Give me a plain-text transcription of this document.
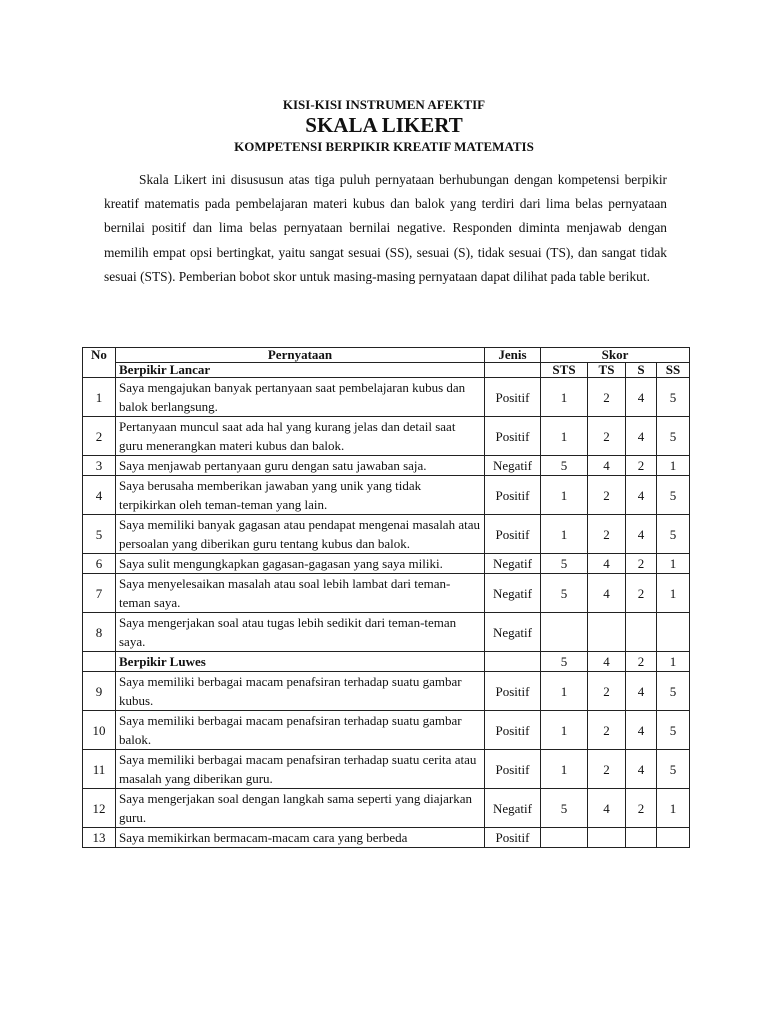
KISI-KISI INSTRUMEN AFEKTIF
SKALA LIKERT
KOMPETENSI BERPIKIR KREATIF MATEMATIS

Skala Likert ini disususun atas tiga puluh pernyataan berhubungan dengan kompetensi berpikir kreatif matematis pada pembelajaran materi kubus dan balok yang terdiri dari lima belas pernyataan bernilai positif dan lima belas pernyataan bernilai negative. Responden diminta menjawab dengan memilih empat opsi bertingkat, yaitu sangat sesuai (SS), sesuai (S), tidak sesuai (TS), dan sangat tidak sesuai (STS). Pemberian bobot skor untuk masing-masing pernyataan dapat dilihat pada table berikut.

No	Pernyataan	Jenis	Skor			
	Berpikir Lancar		STS	TS	S	SS
1	Saya mengajukan banyak pertanyaan saat pembelajaran kubus dan balok berlangsung.	Positif	1	2	4	5
2	Pertanyaan muncul saat ada hal yang kurang jelas dan detail saat guru menerangkan materi kubus dan balok.	Positif	1	2	4	5
3	Saya menjawab pertanyaan guru dengan satu jawaban saja.	Negatif	5	4	2	1
4	Saya berusaha memberikan jawaban yang unik yang tidak terpikirkan oleh teman-teman yang lain.	Positif	1	2	4	5
5	Saya memiliki banyak gagasan atau pendapat mengenai masalah atau persoalan yang diberikan guru tentang kubus dan balok.	Positif	1	2	4	5
6	Saya sulit mengungkapkan gagasan-gagasan yang saya miliki.	Negatif	5	4	2	1
7	Saya menyelesaikan masalah atau soal lebih lambat dari teman-teman saya.	Negatif	5	4	2	1
8	Saya mengerjakan soal atau tugas lebih sedikit dari teman-teman saya.	Negatif				
	Berpikir Luwes		5	4	2	1
9	Saya memiliki berbagai macam penafsiran terhadap suatu gambar kubus.	Positif	1	2	4	5
10	Saya memiliki berbagai macam penafsiran terhadap suatu gambar balok.	Positif	1	2	4	5
11	Saya memiliki berbagai macam penafsiran terhadap suatu cerita atau masalah yang diberikan guru.	Positif	1	2	4	5
12	Saya mengerjakan soal dengan langkah sama seperti yang diajarkan guru.	Negatif	5	4	2	1
13	Saya memikirkan bermacam-macam cara yang berbeda	Positif				
